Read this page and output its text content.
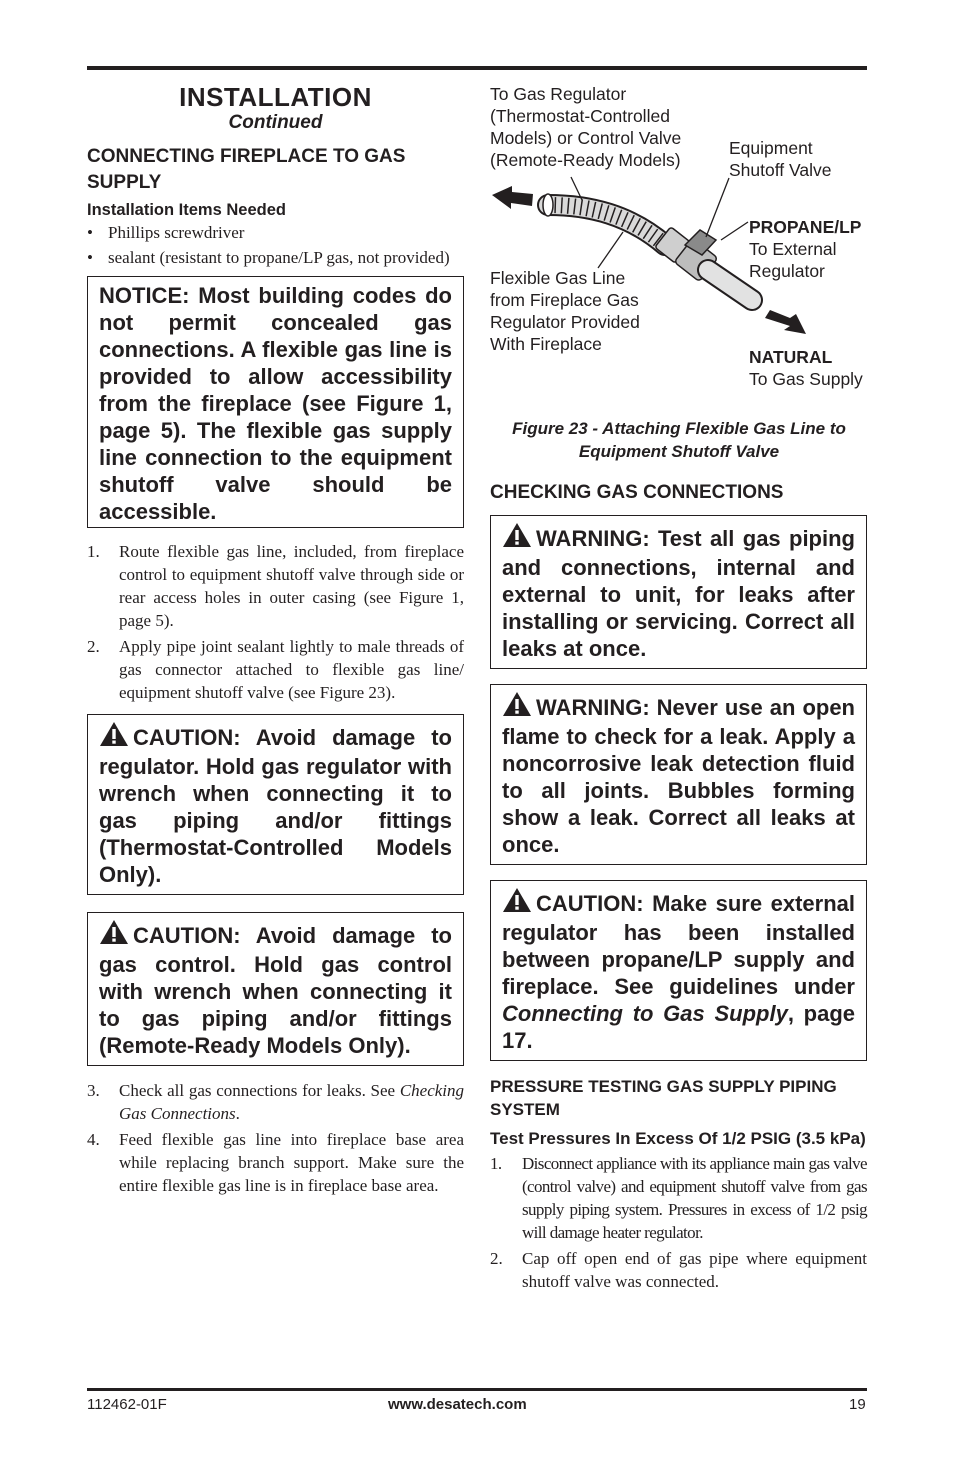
INSTALLATION
Continued
CONNECTING FIREPLACE TO GAS SUPPLY
Installation Items Needed
• Phillips screwdriver
• sealant (resistant to propane/LP gas, not provided)
NOTICE: Most building codes do not permit concealed gas connections. A flexible gas line is provided to allow accessibility from the fireplace (see Figure 1, page 5). The flexible gas supply line connection to the equipment shutoff valve should be accessible.
1. Route flexible gas line, included, from fireplace control to equipment shutoff valve through side or rear access holes in outer casing (see Figure 1, page 5).
2. Apply pipe joint sealant lightly to male threads of gas connector attached to flexible gas line/ equipment shutoff valve (see Figure 23).
CAUTION: Avoid damage to regulator. Hold gas regulator with wrench when connecting it to gas piping and/or fittings (Thermostat-Controlled Models Only).
CAUTION: Avoid damage to gas control. Hold gas control with wrench when connecting it to gas piping and/or fittings (Remote-Ready Models Only).
3. Check all gas connections for leaks. See Checking Gas Connections.
4. Feed flexible gas line into fireplace base area while replacing branch support. Make sure the entire flexible gas line is in fireplace base area.
To Gas Regulator
(Thermostat-Controlled
Models) or Control Valve
(Remote-Ready Models)
Equipment
Shutoff Valve
PROPANE/LP
To External
Regulator
Flexible Gas Line
from Fireplace Gas
Regulator Provided
With Fireplace
NATURAL
To Gas Supply
Figure 23 - Attaching Flexible Gas Line to Equipment Shutoff Valve
CHECKING GAS CONNECTIONS
WARNING: Test all gas piping and connections, internal and external to unit, for leaks after installing or servicing. Correct all leaks at once.
WARNING: Never use an open flame to check for a leak. Apply a noncorrosive leak detection fluid to all joints. Bubbles forming show a leak. Correct all leaks at once.
CAUTION: Make sure external regulator has been installed between propane/LP supply and fireplace. See guidelines under Connecting to Gas Supply, page 17.
PRESSURE TESTING GAS SUPPLY PIPING SYSTEM
Test Pressures In Excess Of 1/2 PSIG (3.5 kPa)
1. Disconnect appliance with its appliance main gas valve (control valve) and equipment shutoff valve from gas supply piping system. Pressures in excess of 1/2 psig will damage heater regulator.
2. Cap off open end of gas pipe where equipment shutoff valve was connected.
112462-01F	www.desatech.com	19
